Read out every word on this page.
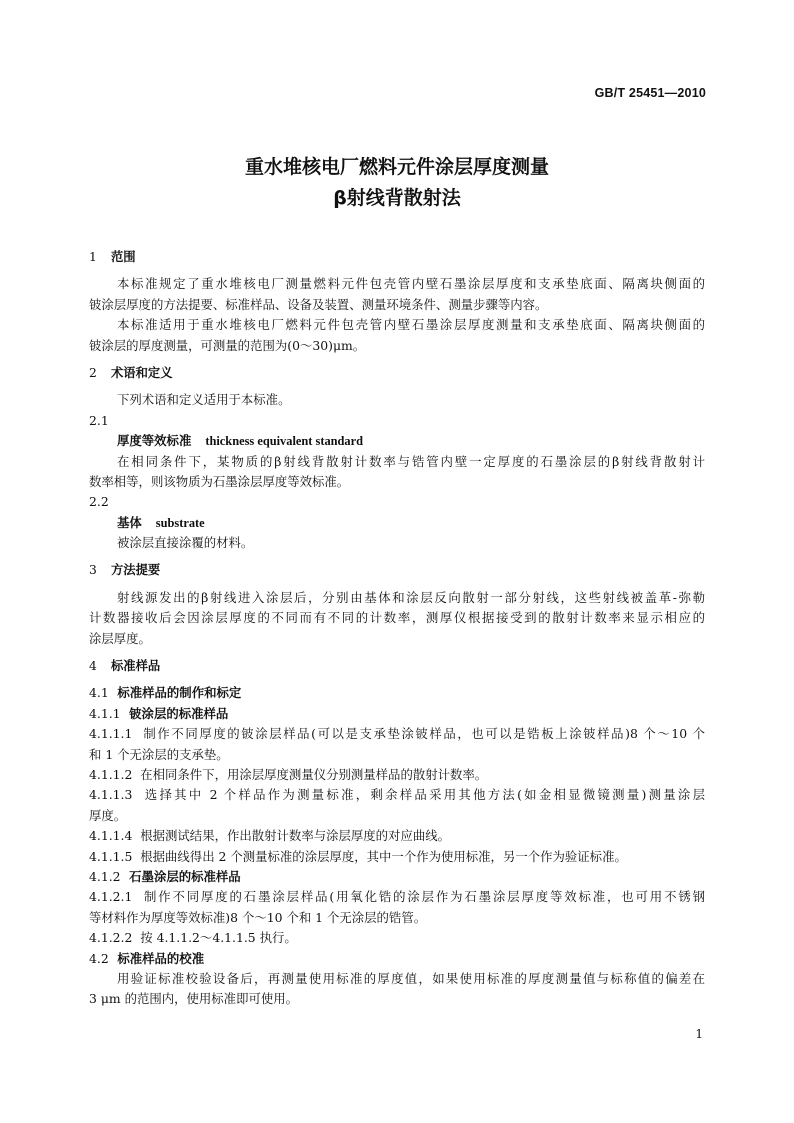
GB/T 25451—2010
重水堆核电厂燃料元件涂层厚度测量
β射线背散射法
1 范围
本标准规定了重水堆核电厂测量燃料元件包壳管内壁石墨涂层厚度和支承垫底面、隔离块侧面的
铍涂层厚度的方法提要、标准样品、设备及装置、测量环境条件、测量步骤等内容。
本标准适用于重水堆核电厂燃料元件包壳管内壁石墨涂层厚度测量和支承垫底面、隔离块侧面的
铍涂层的厚度测量，可测量的范围为(0～30)μm。
2 术语和定义
下列术语和定义适用于本标准。
2.1
厚度等效标准 thickness equivalent standard
在相同条件下，某物质的β射线背散射计数率与锆管内壁一定厚度的石墨涂层的β射线背散射计
数率相等，则该物质为石墨涂层厚度等效标准。
2.2
基体 substrate
被涂层直接涂覆的材料。
3 方法提要
射线源发出的β射线进入涂层后，分别由基体和涂层反向散射一部分射线，这些射线被盖革-弥勒
计数器接收后会因涂层厚度的不同而有不同的计数率，测厚仪根据接受到的散射计数率来显示相应的
涂层厚度。
4 标准样品
4.1 标准样品的制作和标定
4.1.1 铍涂层的标准样品
4.1.1.1 制作不同厚度的铍涂层样品(可以是支承垫涂铍样品，也可以是锆板上涂铍样品)8 个～10 个
和 1 个无涂层的支承垫。
4.1.1.2 在相同条件下，用涂层厚度测量仪分别测量样品的散射计数率。
4.1.1.3 选择其中 2 个样品作为测量标准，剩余样品采用其他方法(如金相显微镜测量)测量涂层
厚度。
4.1.1.4 根据测试结果，作出散射计数率与涂层厚度的对应曲线。
4.1.1.5 根据曲线得出 2 个测量标准的涂层厚度，其中一个作为使用标准，另一个作为验证标准。
4.1.2 石墨涂层的标准样品
4.1.2.1 制作不同厚度的石墨涂层样品(用氧化锆的涂层作为石墨涂层厚度等效标准，也可用不锈钢
等材料作为厚度等效标准)8 个～10 个和 1 个无涂层的锆管。
4.1.2.2 按 4.1.1.2～4.1.1.5 执行。
4.2 标准样品的校准
用验证标准校验设备后，再测量使用标准的厚度值，如果使用标准的厚度测量值与标称值的偏差在
3 μm 的范围内，使用标准即可使用。
1
